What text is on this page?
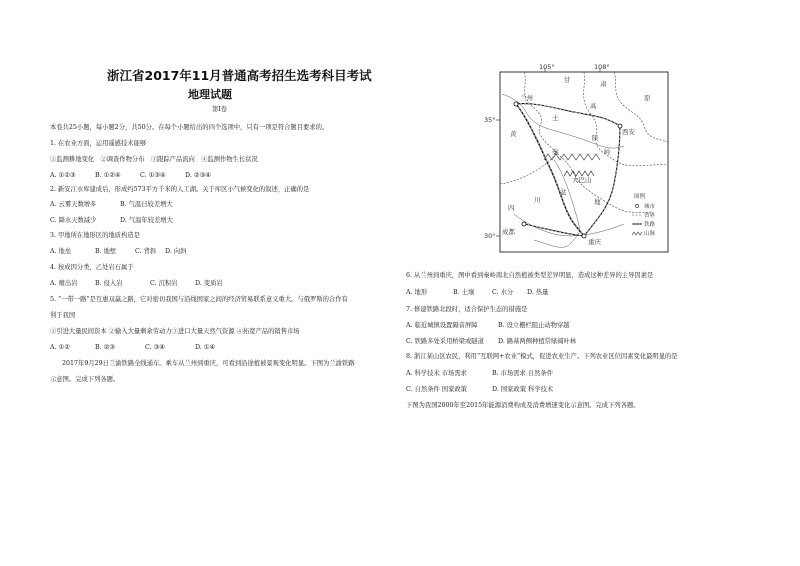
浙江省2017年11月普通高考招生选考科目考试
地理试题
第Ⅰ卷
本卷共25小题，每小题2分，共50分。在每个小题给出的四个选项中，只有一项是符合题目要求的。
1. 在农业方面，运用遥感技术能够
①监测耕地变化　②调查作物分布　③跟踪产品流向　④监测作物生长状况
A. ①②③	B. ①②④	C. ①③④	D. ②③④
2. 新安江水库建成后，形成约573平方千米的人工湖。关于库区小气候变化的叙述，正确的是
A. 云雾天数增多	B. 气温日较差增大
C. 降水天数减少	D. 气温年较差增大
3. 甲地所在地形区的地质构造是
A. 地垒	B. 地堑	C. 背斜 D. 向斜
4. 按成因分类，乙处岩石属于
A. 喷出岩	B. 侵入岩	C. 沉积岩	D. 变质岩
5. “一带一路”是互惠双赢之路，它对密切我国与沿线国家之间的经济贸易联系意义重大。与俄罗斯的合作有
利于我国
①引进大量民间资本 ②输入大量剩余劳动力③进口大量天然气资源 ④拓宽产品的销售市场
A. ①②	B. ②③	C. ③④	D. ①④
2017年9月29日兰渝铁路全线通车。乘车从兰州到重庆，可看到沿途植被景观变化明显。下图为兰渝铁路
示意图。完成下列各题。
105°	108°
35°
30°
兰州
甘	肃
黄
土
高
原
陕
西安
秦	岭
四
川
盆
地
成都
重庆
大巴山
图例
城市
省界
铁路
山脉
6. 从兰州到重庆，图中看到秦岭南北自然植被类型差异明显，造成这种差异的主导因素是
A. 地形	B. 土壤	C. 水分 D. 热量
7. 修建铁路北段时，适合保护生态的措施是
A. 临近城镇设置隔音屏障	B. 设立栅栏阻止动物穿越
C. 铁路多处采用桥梁或隧道 D. 路基两侧种植常绿阔叶林
8. 浙江某山区农民，利用“互联网+农业”模式，促进农业生产。下列农业区位因素变化最明显的是
A. 科学技术 市场需求	B. 市场需求 自然条件
C. 自然条件 国家政策	D. 国家政策 科学技术
下图为我国2000年至2015年能源消费构成及消费增速变化示意图。完成下列各题。
